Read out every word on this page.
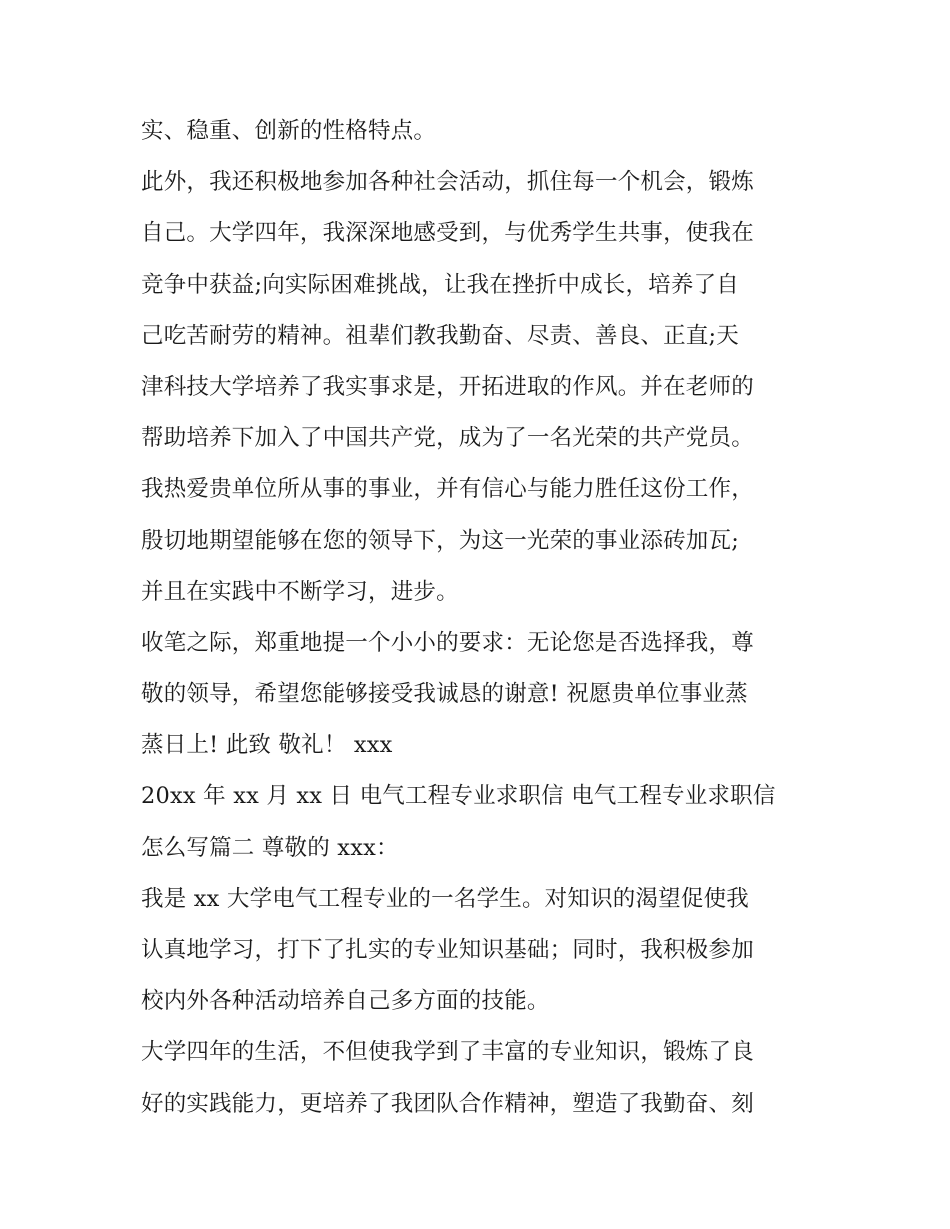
实、稳重、创新的性格特点。
此外，我还积极地参加各种社会活动，抓住每一个机会，锻炼
自己。大学四年，我深深地感受到，与优秀学生共事，使我在
竞争中获益;向实际困难挑战，让我在挫折中成长，培养了自
己吃苦耐劳的精神。祖辈们教我勤奋、尽责、善良、正直;天
津科技大学培养了我实事求是，开拓进取的作风。并在老师的
帮助培养下加入了中国共产党，成为了一名光荣的共产党员。
我热爱贵单位所从事的事业，并有信心与能力胜任这份工作，
殷切地期望能够在您的领导下，为这一光荣的事业添砖加瓦;
并且在实践中不断学习，进步。
收笔之际，郑重地提一个小小的要求：无论您是否选择我，尊
敬的领导，希望您能够接受我诚恳的谢意! 祝愿贵单位事业蒸
蒸日上! 此致 敬礼！ xxx
20xx 年 xx 月 xx 日 电气工程专业求职信 电气工程专业求职信
怎么写篇二 尊敬的 xxx：
我是 xx 大学电气工程专业的一名学生。对知识的渴望促使我
认真地学习，打下了扎实的专业知识基础；同时，我积极参加
校内外各种活动培养自己多方面的技能。
大学四年的生活，不但使我学到了丰富的专业知识，锻炼了良
好的实践能力，更培养了我团队合作精神，塑造了我勤奋、刻
